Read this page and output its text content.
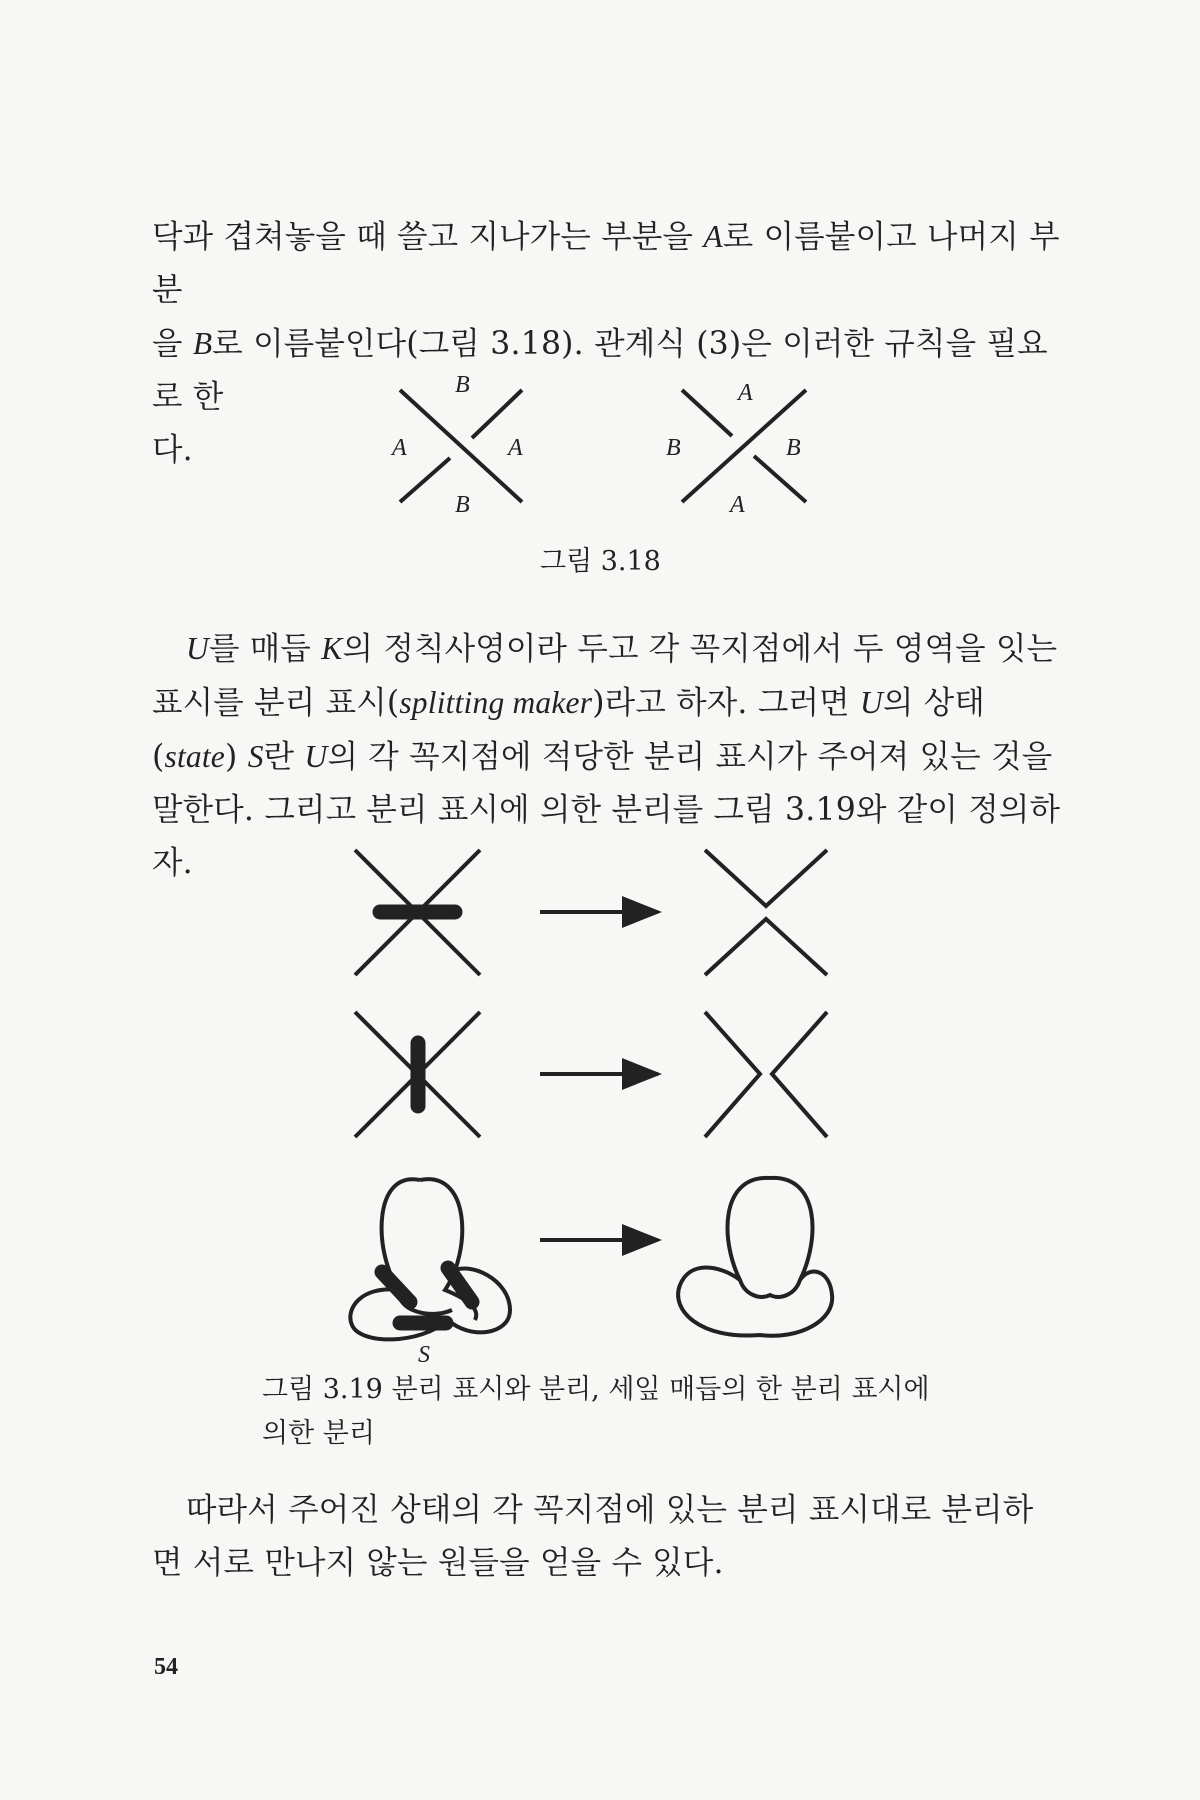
닥과 겹쳐놓을 때 쓸고 지나가는 부분을 A로 이름붙이고 나머지 부분
을 B로 이름붙인다(그림 3.18). 관계식 (3)은 이러한 규칙을 필요로 한
다.

B
A	A
B
A
B	B
A
그림 3.18

U를 매듭 K의 정칙사영이라 두고 각 꼭지점에서 두 영역을 잇는 표시를 분리 표시(splitting maker)라고 하자. 그러면 U의 상태(state) S란 U의 각 꼭지점에 적당한 분리 표시가 주어져 있는 것을 말한다. 그리고 분리 표시에 의한 분리를 그림 3.19와 같이 정의하자.

S
그림 3.19 분리 표시와 분리, 세잎 매듭의 한 분리 표시에
의한 분리

따라서 주어진 상태의 각 꼭지점에 있는 분리 표시대로 분리하면 서로 만나지 않는 원들을 얻을 수 있다.

54
